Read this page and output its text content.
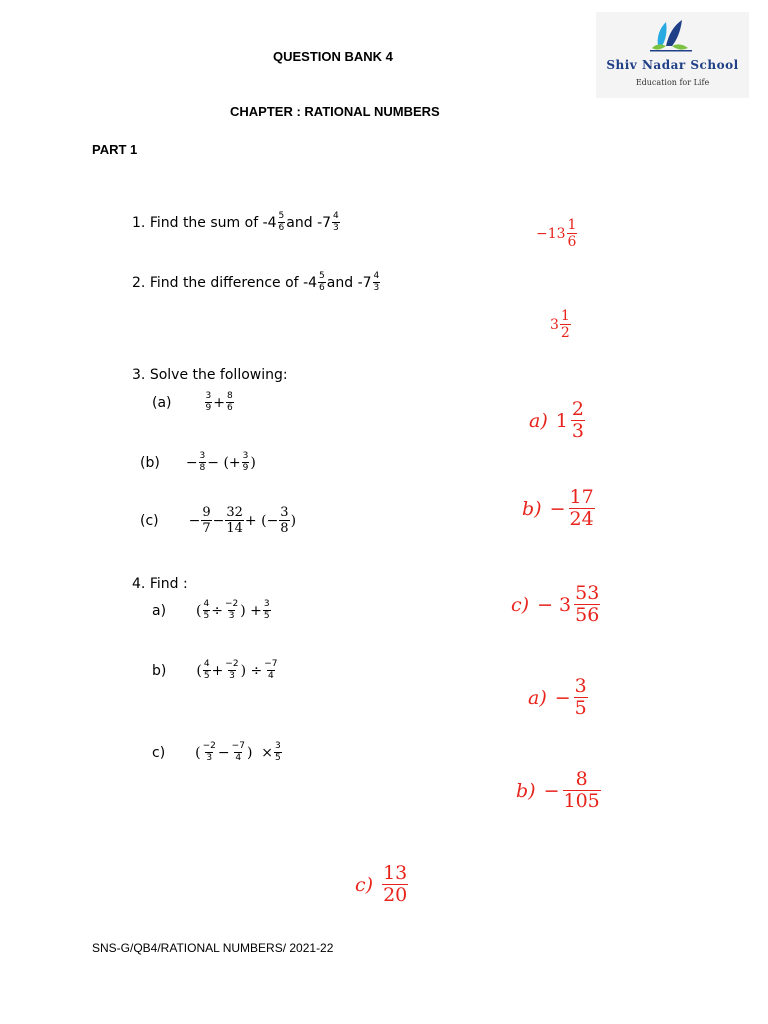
QUESTION BANK 4
CHAPTER : RATIONAL NUMBERS
PART 1
Shiv Nadar School
Education for Life
1.
Find the sum of
$-4 \frac{5}{6}$ and
$-7 \frac{4}{3}$
2.
Find the difference of
$-4 \frac{5}{6}$ and
$-7 \frac{4}{3}$
3.
Solve the following:
(a)	$\frac{3}{9} + \frac{8}{6}$
$(b) - \frac{3}{8}$ − (+ $\frac{3}{9}$ )
$(c) - \frac{9}{7} - \frac{32}{14}$ + (− $\frac{3}{8}$ )
4.
Find :
a) ( $\frac{4}{5} \div \frac{-2}{3}$ ) + $\frac{3}{5}$
b) ( $\frac{4}{5} + \frac{-2}{3}$ ) ÷ $\frac{-7}{4}$
c) ( $\frac{-2}{3} - \frac{-7}{4}$ )  × $\frac{3}{5}$
$-13 \frac{1}{6}$
$3 \frac{1}{2}$
a) $1 \frac{2}{3}$
$b) - \frac{17}{24}$
$c) - 3 \frac{53}{56}$
$a) - \frac{3}{5}$
$b) - \frac{8}{105}$
$c) \frac{13}{20}$
SNS-G/QB4/RATIONAL NUMBERS/ 2021-22
